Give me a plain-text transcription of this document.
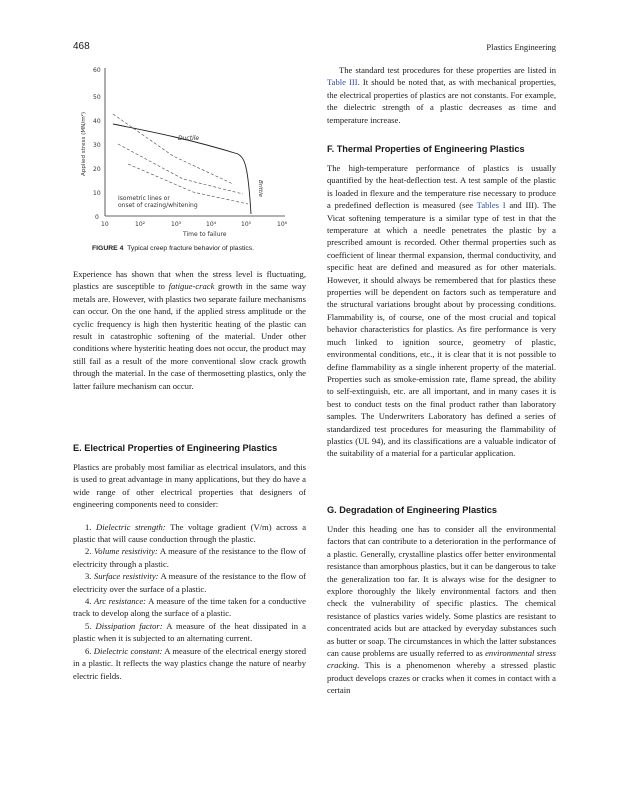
468	Plastics Engineering
0
10
20
30
40
50
60
Applied stress (MN/m²)
10	10²	10³	10⁴	10⁵	10⁶
Time to failure
Ductile
Brittle
Isometric lines or
onset of crazing/whitening
FIGURE 4 Typical creep fracture behavior of plastics.

Experience has shown that when the stress level is fluctuating, plastics are susceptible to fatigue-crack growth in the same way metals are. However, with plastics two separate failure mechanisms can occur. On the one hand, if the applied stress amplitude or the cyclic frequency is high then hysteritic heating of the plastic can result in catastrophic softening of the material. Under other conditions where hysteritic heating does not occur, the product may still fail as a result of the more conventional slow crack growth through the material. In the case of thermosetting plastics, only the latter failure mechanism can occur.

E. Electrical Properties of Engineering Plastics

Plastics are probably most familiar as electrical insulators, and this is used to great advantage in many applications, but they do have a wide range of other electrical properties that designers of engineering components need to consider:

1. Dielectric strength: The voltage gradient (V/m) across a plastic that will cause conduction through the plastic.

2. Volume resistivity: A measure of the resistance to the flow of electricity through a plastic.

3. Surface resistivity: A measure of the resistance to the flow of electricity over the surface of a plastic.

4. Arc resistance: A measure of the time taken for a conductive track to develop along the surface of a plastic.

5. Dissipation factor: A measure of the heat dissipated in a plastic when it is subjected to an alternating current.

6. Dielectric constant: A measure of the electrical energy stored in a plastic. It reflects the way plastics change the nature of nearby electric fields.

The standard test procedures for these properties are listed in Table III. It should be noted that, as with mechanical properties, the electrical properties of plastics are not constants. For example, the dielectric strength of a plastic decreases as time and temperature increase.

F. Thermal Properties of Engineering Plastics

The high-temperature performance of plastics is usually quantified by the heat-deflection test. A test sample of the plastic is loaded in flexure and the temperature rise necessary to produce a predefined deflection is measured (see Tables I and III). The Vicat softening temperature is a similar type of test in that the temperature at which a needle penetrates the plastic by a prescribed amount is recorded. Other thermal properties such as coefficient of linear thermal expansion, thermal conductivity, and specific heat are defined and measured as for other materials. However, it should always be remembered that for plastics these properties will be dependent on factors such as temperature and the structural variations brought about by processing conditions. Flammability is, of course, one of the most crucial and topical behavior characteristics for plastics. As fire performance is very much linked to ignition source, geometry of plastic, environmental conditions, etc., it is clear that it is not possible to define flammability as a single inherent property of the material. Properties such as smoke-emission rate, flame spread, the ability to self-extinguish, etc. are all important, and in many cases it is best to conduct tests on the final product rather than laboratory samples. The Underwriters Laboratory has defined a series of standardized test procedures for measuring the flammability of plastics (UL 94), and its classifications are a valuable indicator of the suitability of a material for a particular application.

G. Degradation of Engineering Plastics

Under this heading one has to consider all the environmental factors that can contribute to a deterioration in the performance of a plastic. Generally, crystalline plastics offer better environmental resistance than amorphous plastics, but it can be dangerous to take the generalization too far. It is always wise for the designer to explore thoroughly the likely environmental factors and then check the vulnerability of specific plastics. The chemical resistance of plastics varies widely. Some plastics are resistant to concentrated acids but are attacked by everyday substances such as butter or soap. The circumstances in which the latter substances can cause problems are usually referred to as environmental stress cracking. This is a phenomenon whereby a stressed plastic product develops crazes or cracks when it comes in contact with a certain
